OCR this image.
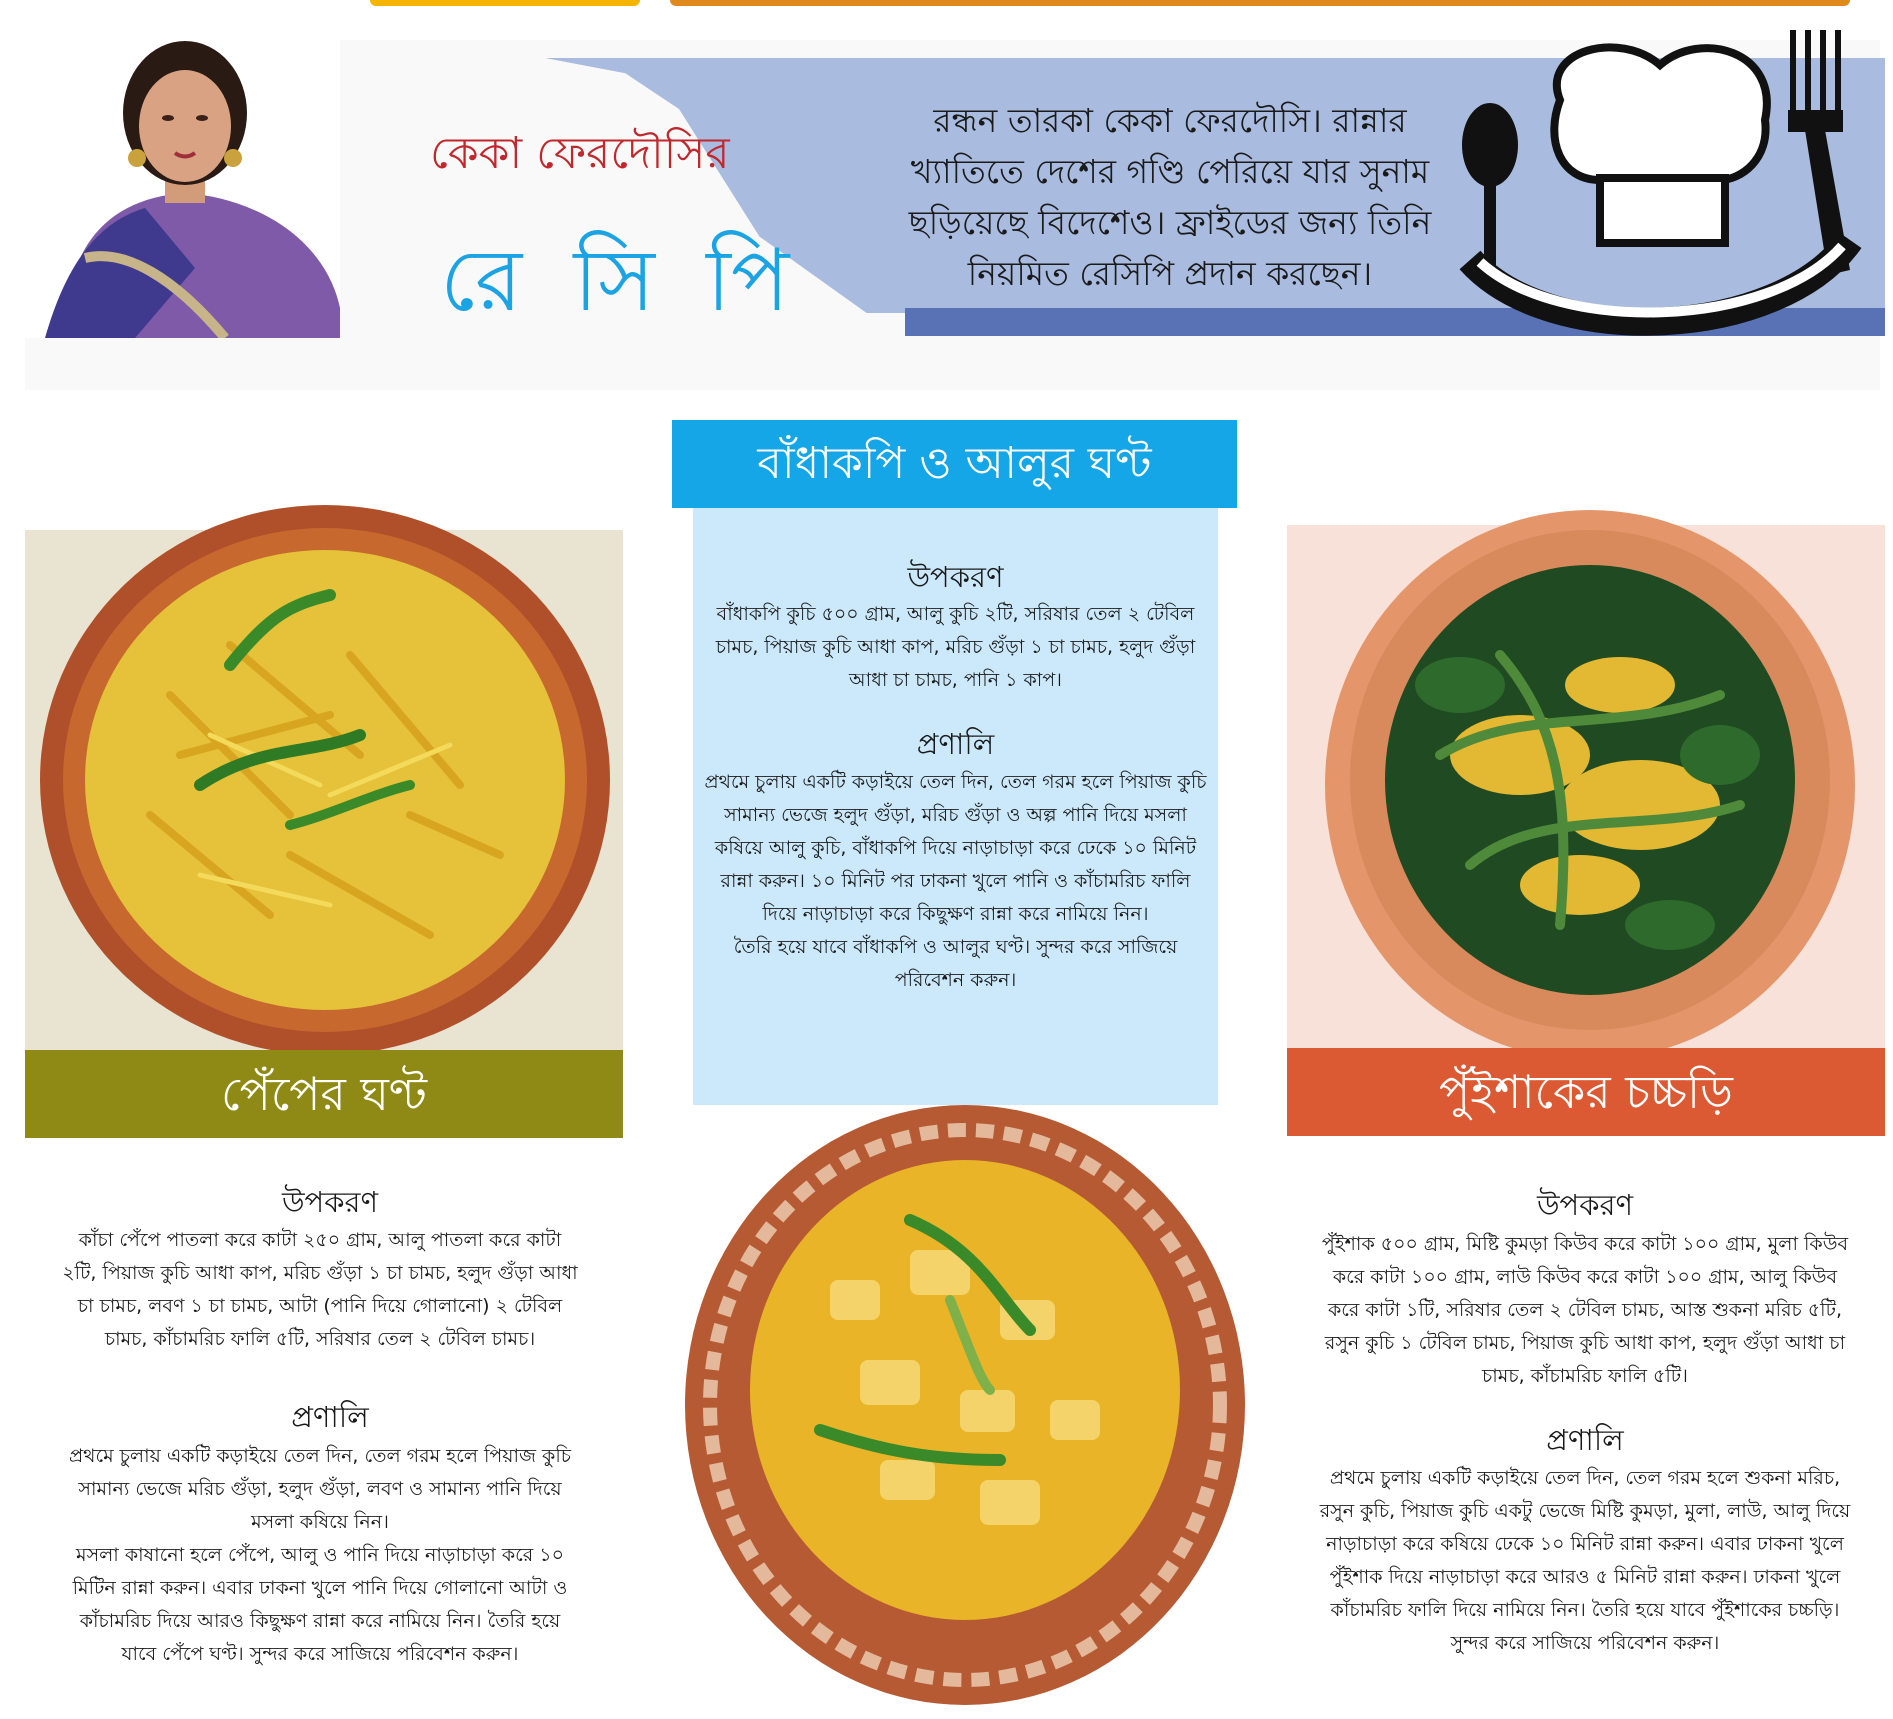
কেকা ফেরদৌসির
রে সি পি
রন্ধন তারকা কেকা ফেরদৌসি। রান্নার খ্যাতিতে দেশের গণ্ডি পেরিয়ে যার সুনাম ছড়িয়েছে বিদেশেও। ফ্রাইডের জন্য তিনি নিয়মিত রেসিপি প্রদান করছেন।
পেঁপের ঘণ্ট
উপকরণ

কাঁচা পেঁপে পাতলা করে কাটা ২৫০ গ্রাম, আলু পাতলা করে কাটা ২টি, পিয়াজ কুচি আধা কাপ, মরিচ গুঁড়া ১ চা চামচ, হলুদ গুঁড়া আধা চা চামচ, লবণ ১ চা চামচ, আটা (পানি দিয়ে গোলানো) ২ টেবিল চামচ, কাঁচামরিচ ফালি ৫টি, সরিষার তেল ২ টেবিল চামচ।

প্রণালি

প্রথমে চুলায় একটি কড়াইয়ে তেল দিন, তেল গরম হলে পিয়াজ কুচি সামান্য ভেজে মরিচ গুঁড়া, হলুদ গুঁড়া, লবণ ও সামান্য পানি দিয়ে মসলা কষিয়ে নিন।

মসলা কাষানো হলে পেঁপে, আলু ও পানি দিয়ে নাড়াচাড়া করে ১০ মিটিন রান্না করুন। এবার ঢাকনা খুলে পানি দিয়ে গোলানো আটা ও কাঁচামরিচ দিয়ে আরও কিছুক্ষণ রান্না করে নামিয়ে নিন। তৈরি হয়ে যাবে পেঁপে ঘণ্ট। সুন্দর করে সাজিয়ে পরিবেশন করুন।

বাঁধাকপি ও আলুর ঘণ্ট
উপকরণ

বাঁধাকপি কুচি ৫০০ গ্রাম, আলু কুচি ২টি, সরিষার তেল ২ টেবিল চামচ, পিয়াজ কুচি আধা কাপ, মরিচ গুঁড়া ১ চা চামচ, হলুদ গুঁড়া আধা চা চামচ, পানি ১ কাপ।

প্রণালি

প্রথমে চুলায় একটি কড়াইয়ে তেল দিন, তেল গরম হলে পিয়াজ কুচি সামান্য ভেজে হলুদ গুঁড়া, মরিচ গুঁড়া ও অল্প পানি দিয়ে মসলা কষিয়ে আলু কুচি, বাঁধাকপি দিয়ে নাড়াচাড়া করে ঢেকে ১০ মিনিট রান্না করুন। ১০ মিনিট পর ঢাকনা খুলে পানি ও কাঁচামরিচ ফালি দিয়ে নাড়াচাড়া করে কিছুক্ষণ রান্না করে নামিয়ে নিন।

তৈরি হয়ে যাবে বাঁধাকপি ও আলুর ঘণ্ট। সুন্দর করে সাজিয়ে পরিবেশন করুন।

পুঁইশাকের চচ্চড়ি
উপকরণ

পুঁইশাক ৫০০ গ্রাম, মিষ্টি কুমড়া কিউব করে কাটা ১০০ গ্রাম, মুলা কিউব করে কাটা ১০০ গ্রাম, লাউ কিউব করে কাটা ১০০ গ্রাম, আলু কিউব করে কাটা ১টি, সরিষার তেল ২ টেবিল চামচ, আস্ত শুকনা মরিচ ৫টি, রসুন কুচি ১ টেবিল চামচ, পিয়াজ কুচি আধা কাপ, হলুদ গুঁড়া আধা চা চামচ, কাঁচামরিচ ফালি ৫টি।

প্রণালি

প্রথমে চুলায় একটি কড়াইয়ে তেল দিন, তেল গরম হলে শুকনা মরিচ, রসুন কুচি, পিয়াজ কুচি একটু ভেজে মিষ্টি কুমড়া, মুলা, লাউ, আলু দিয়ে নাড়াচাড়া করে কষিয়ে ঢেকে ১০ মিনিট রান্না করুন। এবার ঢাকনা খুলে পুঁইশাক দিয়ে নাড়াচাড়া করে আরও ৫ মিনিট রান্না করুন। ঢাকনা খুলে কাঁচামরিচ ফালি দিয়ে নামিয়ে নিন। তৈরি হয়ে যাবে পুঁইশাকের চচ্চড়ি। সুন্দর করে সাজিয়ে পরিবেশন করুন।
